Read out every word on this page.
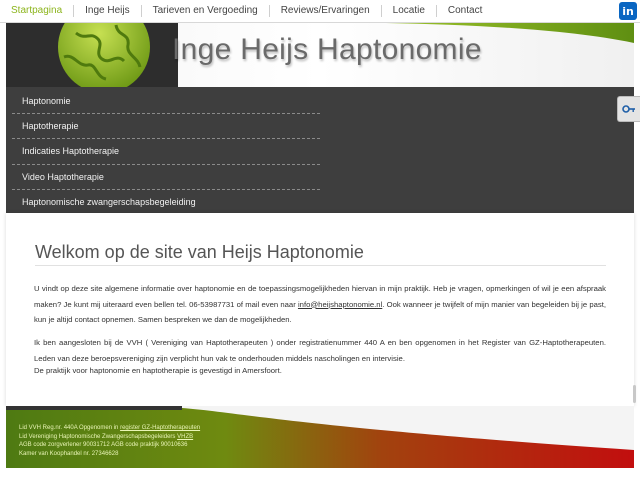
Startpagina	Inge Heijs	Tarieven en Vergoeding	Reviews/Ervaringen	Locatie	Contact	in
Inge Heijs Haptonomie
Haptonomie
Haptotherapie
Indicaties Haptotherapie
Video Haptotherapie
Haptonomische zwangerschapsbegeleiding
Welkom op de site van Heijs Haptonomie

U vindt op deze site algemene informatie over haptonomie en de toepassingsmogelijkheden hiervan in mijn praktijk. Heb je vragen, opmerkingen of wil je een afspraak maken? Je kunt mij uiteraard even bellen tel. 06-53987731 of mail even naar info@heijshaptonomie.nl. Ook wanneer je twijfelt of mijn manier van begeleiden bij je past, kun je altijd contact opnemen. Samen bespreken we dan de mogelijkheden.

Ik ben aangesloten bij de VVH ( Vereniging van Haptotherapeuten ) onder registratienummer 440 A en ben opgenomen in het Register van GZ-Haptotherapeuten. Leden van deze beroepsvereniging zijn verplicht hun vak te onderhouden middels nascholingen en intervisie.

De praktijk voor haptonomie en haptotherapie is gevestigd in Amersfoort.

Lid VVH Reg.nr. 440A Opgenomen in register GZ-Haptotherapeuten
Lid Vereniging Haptonomische Zwangerschapsbegeleiders VHZB
AGB code zorgverlener 90031712 AGB code praktijk 90010636
Kamer van Koophandel nr. 27346628
